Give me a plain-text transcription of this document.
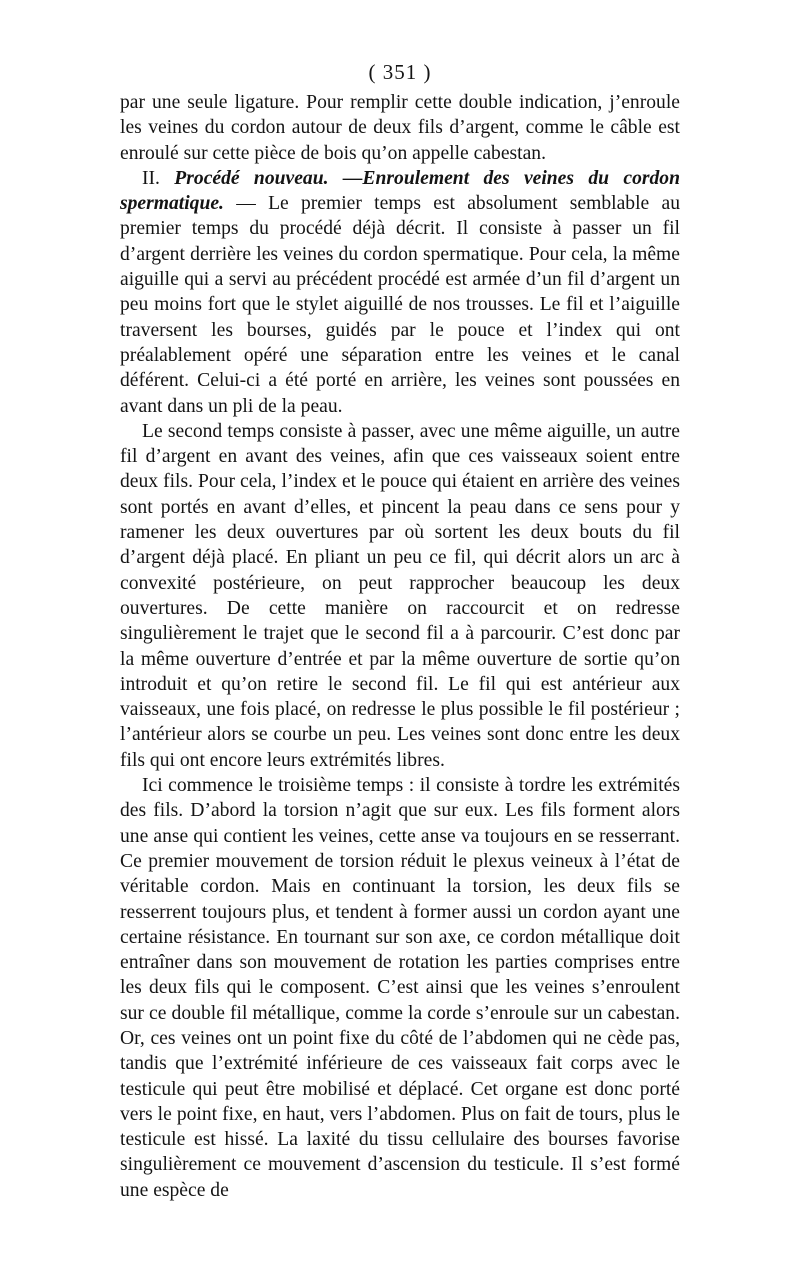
( 351 )

par une seule ligature. Pour remplir cette double indication, j’enroule les veines du cordon autour de deux fils d’argent, comme le câble est enroulé sur cette pièce de bois qu’on appelle cabestan.

II. Procédé nouveau. —Enroulement des veines du cordon spermatique. — Le premier temps est absolument semblable au premier temps du procédé déjà décrit. Il consiste à passer un fil d’argent derrière les veines du cordon spermatique. Pour cela, la même aiguille qui a servi au précédent procédé est armée d’un fil d’argent un peu moins fort que le stylet aiguillé de nos trousses. Le fil et l’aiguille traversent les bourses, guidés par le pouce et l’index qui ont préalablement opéré une séparation entre les veines et le canal déférent. Celui-ci a été porté en arrière, les veines sont poussées en avant dans un pli de la peau.

Le second temps consiste à passer, avec une même aiguille, un autre fil d’argent en avant des veines, afin que ces vaisseaux soient entre deux fils. Pour cela, l’index et le pouce qui étaient en arrière des veines sont portés en avant d’elles, et pincent la peau dans ce sens pour y ramener les deux ouvertures par où sortent les deux bouts du fil d’argent déjà placé. En pliant un peu ce fil, qui décrit alors un arc à convexité postérieure, on peut rapprocher beaucoup les deux ouvertures. De cette manière on raccourcit et on redresse singulièrement le trajet que le second fil a à parcourir. C’est donc par la même ouverture d’entrée et par la même ouverture de sortie qu’on introduit et qu’on retire le second fil. Le fil qui est antérieur aux vaisseaux, une fois placé, on redresse le plus possible le fil postérieur ; l’antérieur alors se courbe un peu. Les veines sont donc entre les deux fils qui ont encore leurs extrémités libres.

Ici commence le troisième temps : il consiste à tordre les extrémités des fils. D’abord la torsion n’agit que sur eux. Les fils forment alors une anse qui contient les veines, cette anse va toujours en se resserrant. Ce premier mouvement de torsion réduit le plexus veineux à l’état de véritable cordon. Mais en continuant la torsion, les deux fils se resserrent toujours plus, et tendent à former aussi un cordon ayant une certaine résistance. En tournant sur son axe, ce cordon métallique doit entraîner dans son mouvement de rotation les parties comprises entre les deux fils qui le composent. C’est ainsi que les veines s’enroulent sur ce double fil métallique, comme la corde s’enroule sur un cabestan. Or, ces veines ont un point fixe du côté de l’abdomen qui ne cède pas, tandis que l’extrémité inférieure de ces vaisseaux fait corps avec le testicule qui peut être mobilisé et déplacé. Cet organe est donc porté vers le point fixe, en haut, vers l’abdomen. Plus on fait de tours, plus le testicule est hissé. La laxité du tissu cellulaire des bourses favorise singulièrement ce mouvement d’ascension du testicule. Il s’est formé une espèce de
